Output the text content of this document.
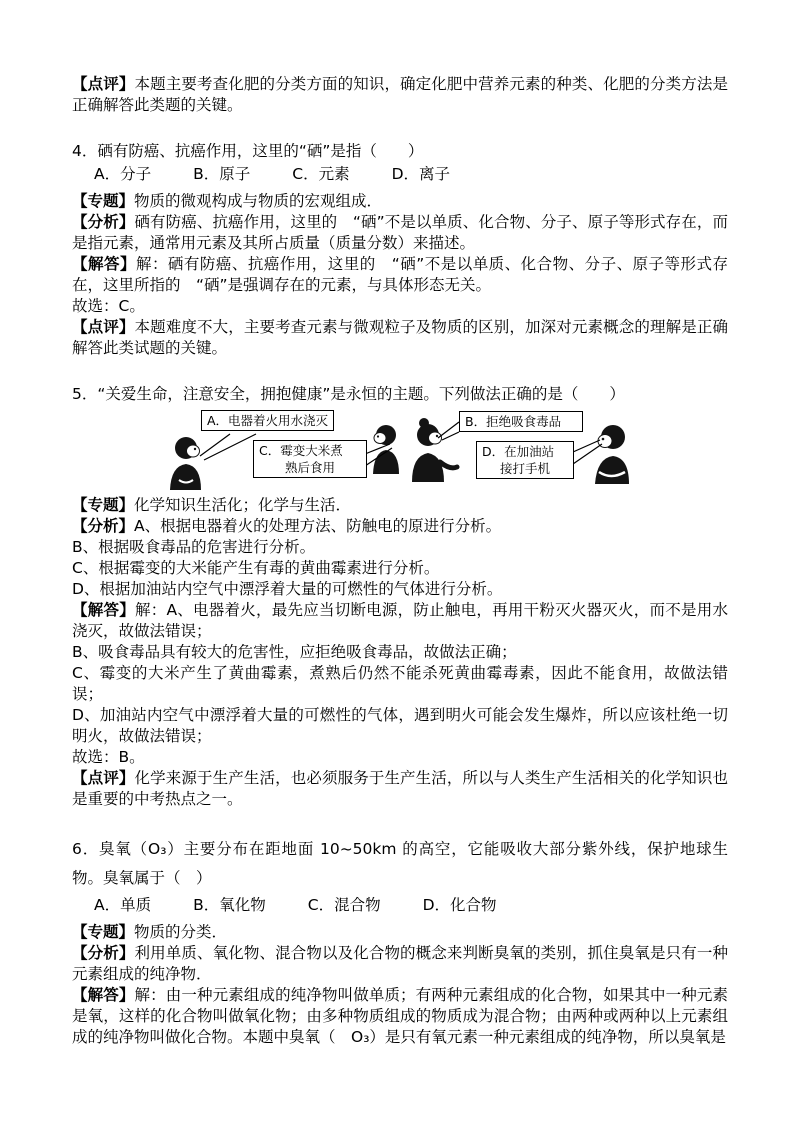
【点评】本题主要考查化肥的分类方面的知识，确定化肥中营养元素的种类、化肥的分类方法是正确解答此类题的关键。

4．硒有防癌、抗癌作用，这里的“硒”是指（　　）

A．分子	B．原子	C．元素	D．离子

【专题】物质的微观构成与物质的宏观组成．

【分析】硒有防癌、抗癌作用，这里的　“硒”不是以单质、化合物、分子、原子等形式存在，而是指元素，通常用元素及其所占质量（质量分数）来描述。

【解答】解：硒有防癌、抗癌作用，这里的　“硒”不是以单质、化合物、分子、原子等形式存在，这里所指的　“硒”是强调存在的元素，与具体形态无关。

故选：C。

【点评】本题难度不大，主要考查元素与微观粒子及物质的区别，加深对元素概念的理解是正确解答此类试题的关键。

5．“关爱生命，注意安全，拥抱健康”是永恒的主题。下列做法正确的是（　　）

A．电器着火用水浇灭
C．霉变大米煮
熟后食用
B．拒绝吸食毒品
D．在加油站
接打手机

【专题】化学知识生活化；化学与生活．

【分析】A、根据电器着火的处理方法、防触电的原进行分析。

B、根据吸食毒品的危害进行分析。

C、根据霉变的大米能产生有毒的黄曲霉素进行分析。

D、根据加油站内空气中漂浮着大量的可燃性的气体进行分析。

【解答】解：A、电器着火，最先应当切断电源，防止触电，再用干粉灭火器灭火，而不是用水浇灭，故做法错误；

B、吸食毒品具有较大的危害性，应拒绝吸食毒品，故做法正确；

C、霉变的大米产生了黄曲霉素，煮熟后仍然不能杀死黄曲霉毒素，因此不能食用，故做法错误；

D、加油站内空气中漂浮着大量的可燃性的气体，遇到明火可能会发生爆炸，所以应该杜绝一切明火，故做法错误；

故选：B。

【点评】化学来源于生产生活，也必须服务于生产生活，所以与人类生产生活相关的化学知识也是重要的中考热点之一。

6．臭氧（O₃）主要分布在距地面 10~50km 的高空，它能吸收大部分紫外线，保护地球生物。臭氧属于（　）

A．单质	B．氧化物	C．混合物	D．化合物

【专题】物质的分类．

【分析】利用单质、氧化物、混合物以及化合物的概念来判断臭氧的类别，抓住臭氧是只有一种元素组成的纯净物．

【解答】解：由一种元素组成的纯净物叫做单质；有两种元素组成的化合物，如果其中一种元素是氧，这样的化合物叫做氧化物；由多种物质组成的物质成为混合物；由两种或两种以上元素组成的纯净物叫做化合物。本题中臭氧（　O₃）是只有氧元素一种元素组成的纯净物，所以臭氧是
